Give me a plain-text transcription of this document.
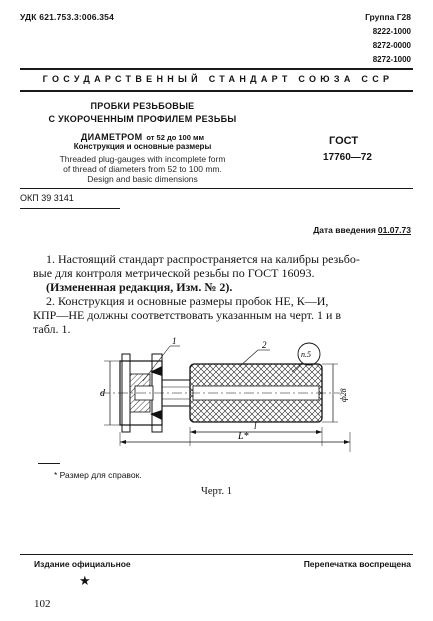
УДК 621.753.3:006.354	Группа Г28
8222-1000
8272-0000
8272-1000
ГОСУДАРСТВЕННЫЙ СТАНДАРТ СОЮЗА ССР
ПРОБКИ РЕЗЬБОВЫЕ
С УКОРОЧЕННЫМ ПРОФИЛЕМ РЕЗЬБЫ
ДИАМЕТРОМ от 52 до 100 мм
Конструкция и основные размеры
Threaded plug-gauges with incomplete form
of thread of diameters from 52 to 100 mm.
Design and basic dimensions
ГОСТ
17760—72
ОКП 39 3141
Дата введения 01.07.73
1. Настоящий стандарт распространяется на калибры резьбо-
вые для контроля метрической резьбы по ГОСТ 16093.
(Измененная редакция, Изм. № 2).
2. Конструкция и основные размеры пробок НЕ, К—И,
КПР—НЕ должны соответствовать указанным на черт. 1 и в
табл. 1.
d	ф28
l
L*
1	2
п.5
* Размер для справок.
Черт. 1
Издание официальное	Перепечатка воспрещена
★
102
